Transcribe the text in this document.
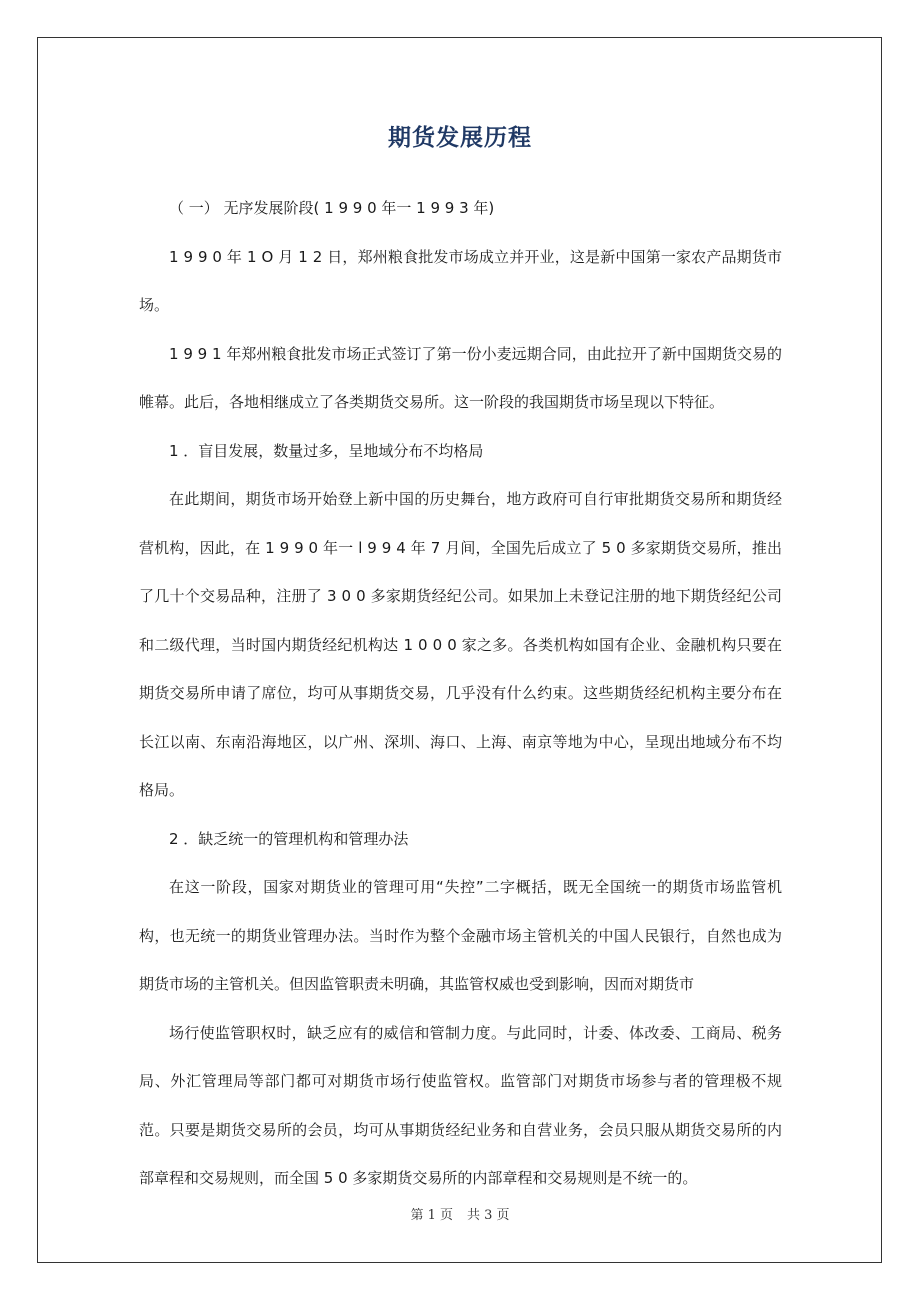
期货发展历程

（ 一） 无序发展阶段( 1 9 9 0 年一 1 9 9 3 年)

1 9 9 0 年 1 O 月 1 2 日，郑州粮食批发市场成立并开业，这是新中国第一家农产品期货市场。

1 9 9 1 年郑州粮食批发市场正式签订了第一份小麦远期合同，由此拉开了新中国期货交易的帷幕。此后，各地相继成立了各类期货交易所。这一阶段的我国期货市场呈现以下特征。

1 ．盲目发展，数量过多，呈地域分布不均格局

在此期间，期货市场开始登上新中国的历史舞台，地方政府可自行审批期货交易所和期货经营机构，因此，在 1 9 9 0 年一 l 9 9 4 年 7 月间，全国先后成立了 5 0 多家期货交易所，推出了几十个交易品种，注册了 3 0 0 多家期货经纪公司。如果加上未登记注册的地下期货经纪公司和二级代理，当时国内期货经纪机构达 1 0 0 0 家之多。各类机构如国有企业、金融机构只要在期货交易所申请了席位，均可从事期货交易，几乎没有什么约束。这些期货经纪机构主要分布在长江以南、东南沿海地区，以广州、深圳、海口、上海、南京等地为中心，呈现出地域分布不均格局。

2 ．缺乏统一的管理机构和管理办法

在这一阶段，国家对期货业的管理可用“失控”二字概括，既无全国统一的期货市场监管机构，也无统一的期货业管理办法。当时作为整个金融市场主管机关的中国人民银行，自然也成为期货市场的主管机关。但因监管职责未明确，其监管权威也受到影响，因而对期货市

场行使监管职权时，缺乏应有的威信和管制力度。与此同时，计委、体改委、工商局、税务局、外汇管理局等部门都可对期货市场行使监管权。监管部门对期货市场参与者的管理极不规范。只要是期货交易所的会员，均可从事期货经纪业务和自营业务，会员只服从期货交易所的内部章程和交易规则，而全国 5 0 多家期货交易所的内部章程和交易规则是不统一的。

第 1 页 共 3 页
